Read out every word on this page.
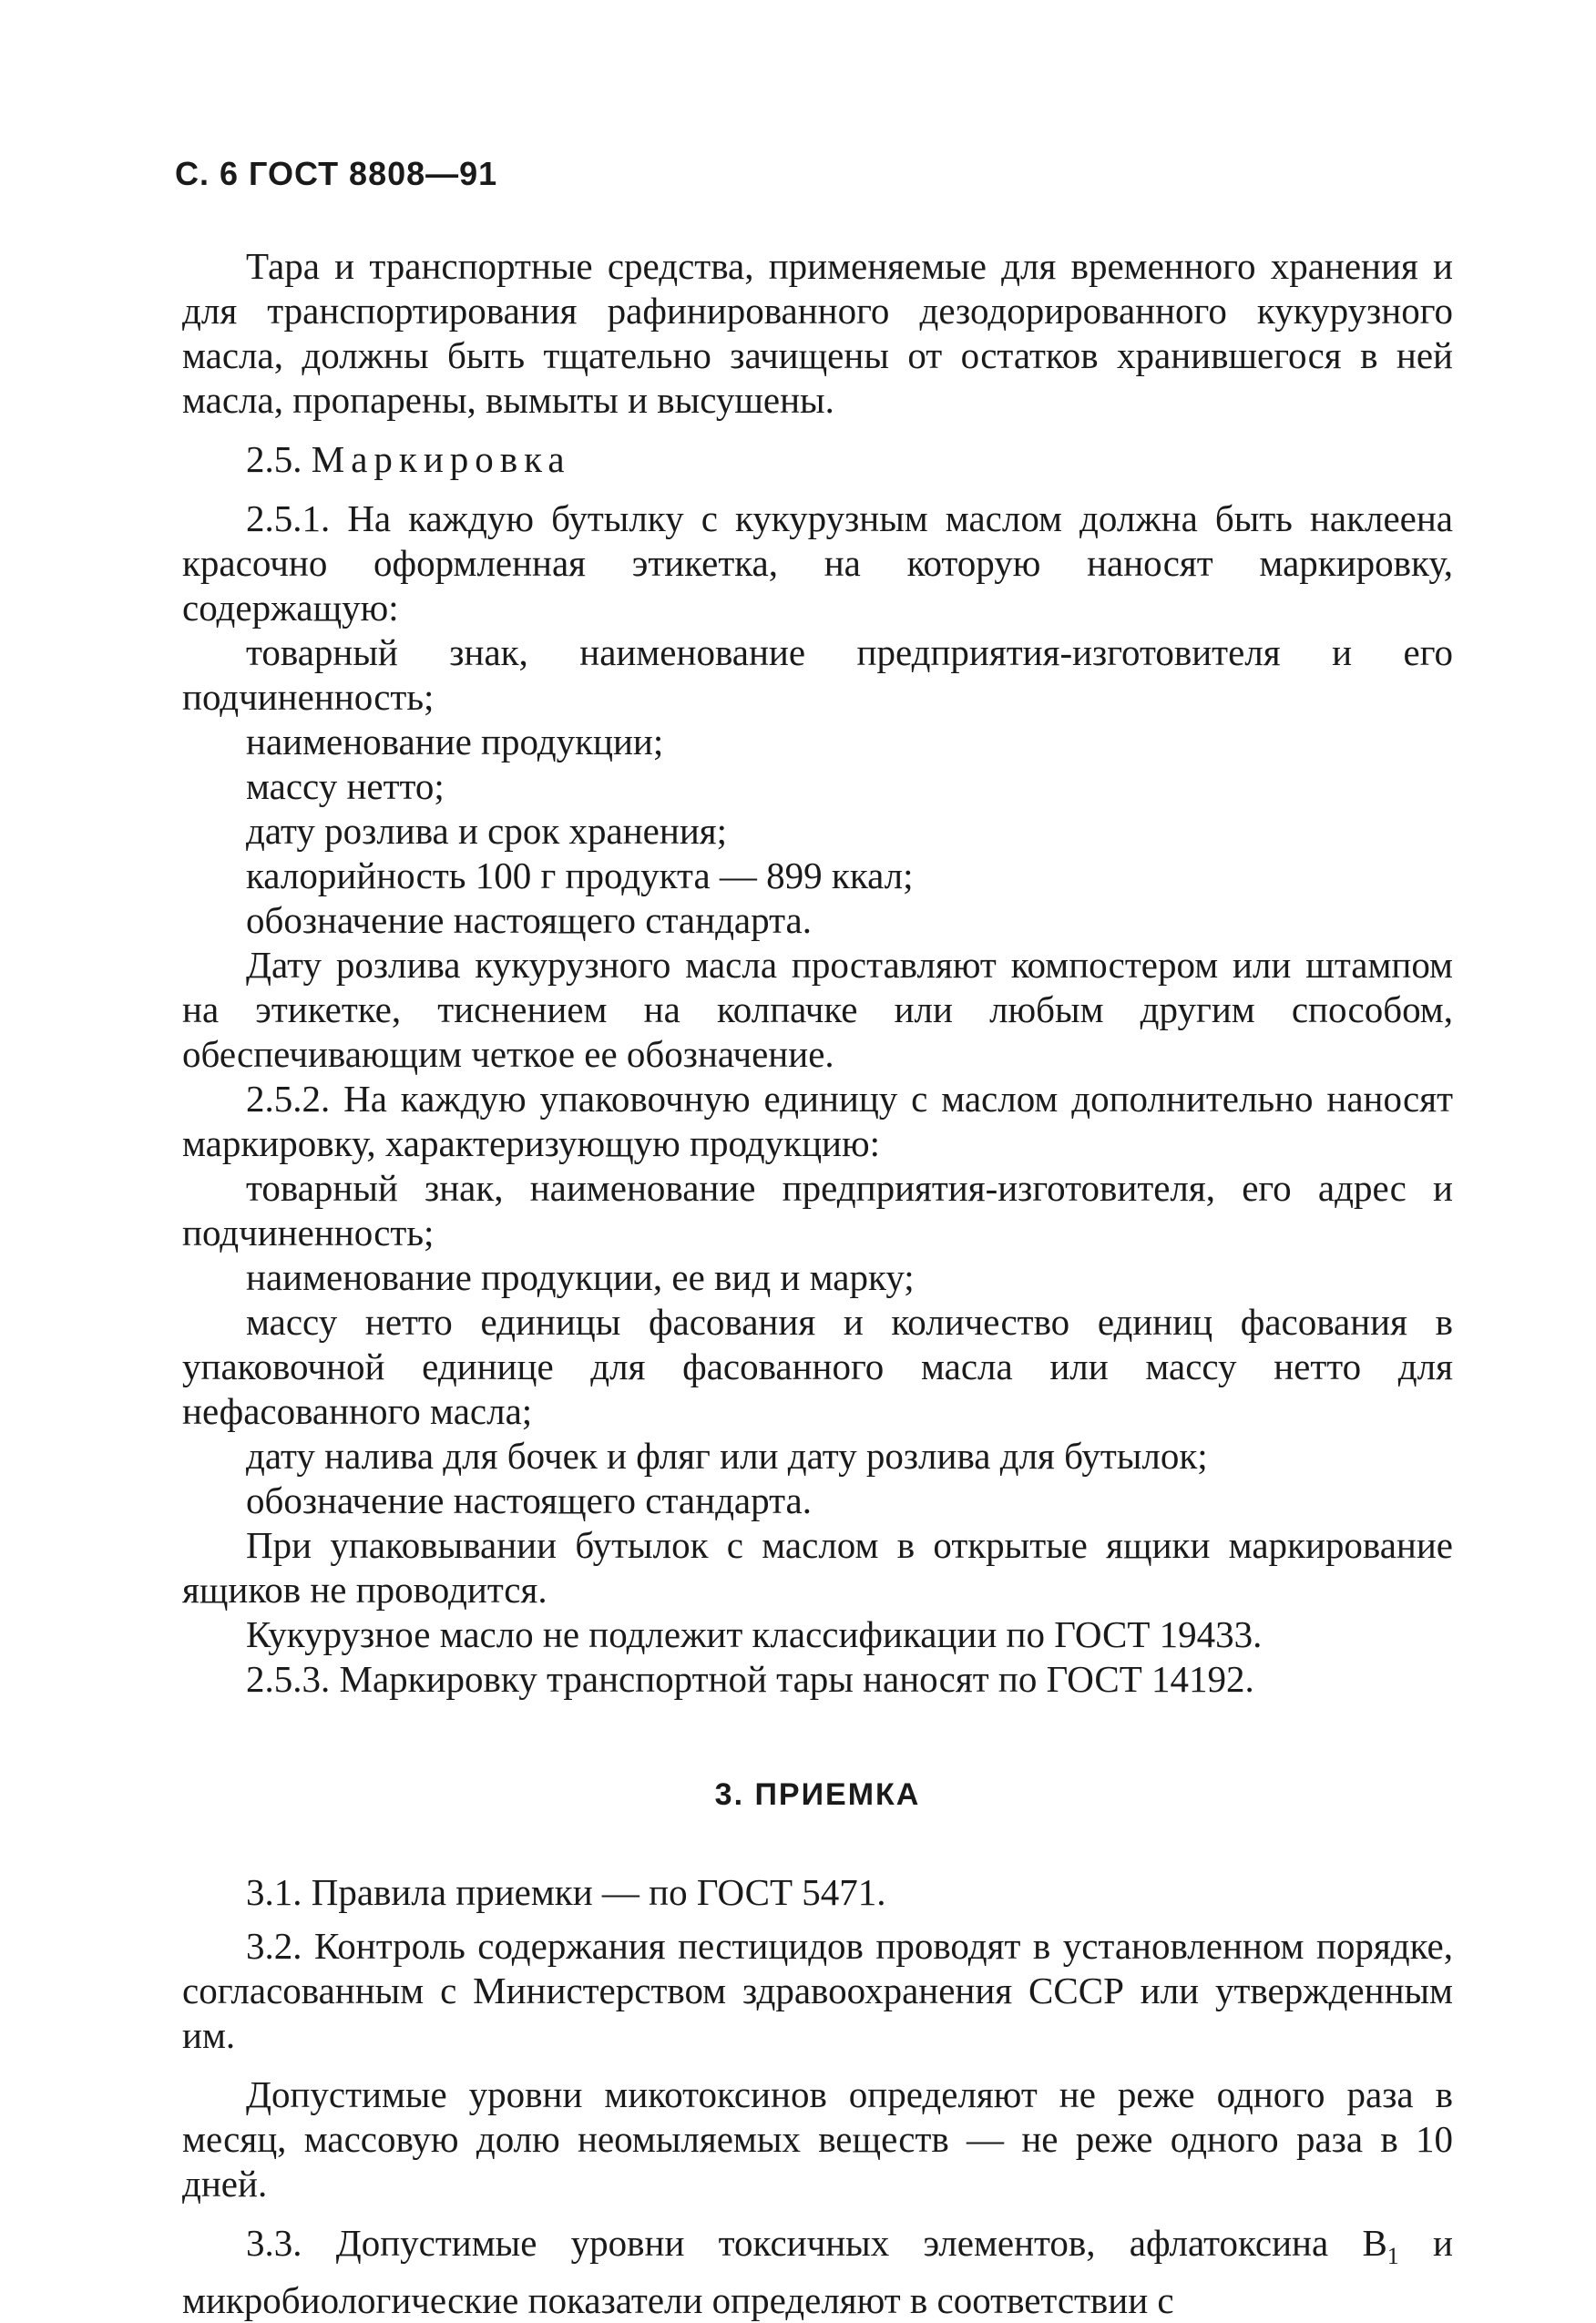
С. 6 ГОСТ 8808—91

Тара и транспортные средства, применяемые для временного хранения и для транспортирования рафинированного дезодорированного кукурузного масла, должны быть тщательно зачищены от остатков хранившегося в ней масла, пропарены, вымыты и высушены.

2.5. Маркировка

2.5.1. На каждую бутылку с кукурузным маслом должна быть наклеена красочно оформленная этикетка, на которую наносят маркировку, содержащую:

товарный знак, наименование предприятия-изготовителя и его подчиненность;

наименование продукции;

массу нетто;

дату розлива и срок хранения;

калорийность 100 г продукта — 899 ккал;

обозначение настоящего стандарта.

Дату розлива кукурузного масла проставляют компостером или штампом на этикетке, тиснением на колпачке или любым другим способом, обеспечивающим четкое ее обозначение.

2.5.2. На каждую упаковочную единицу с маслом дополнительно наносят маркировку, характеризующую продукцию:

товарный знак, наименование предприятия-изготовителя, его адрес и подчиненность;

наименование продукции, ее вид и марку;

массу нетто единицы фасования и количество единиц фасования в упаковочной единице для фасованного масла или массу нетто для нефасованного масла;

дату налива для бочек и фляг или дату розлива для бутылок;

обозначение настоящего стандарта.

При упаковывании бутылок с маслом в открытые ящики маркирование ящиков не проводится.

Кукурузное масло не подлежит классификации по ГОСТ 19433.

2.5.3. Маркировку транспортной тары наносят по ГОСТ 14192.

3. ПРИЕМКА

3.1. Правила приемки — по ГОСТ 5471.

3.2. Контроль содержания пестицидов проводят в установленном порядке, согласованным с Министерством здравоохранения СССР или утвержденным им.

Допустимые уровни микотоксинов определяют не реже одного раза в месяц, массовую долю неомыляемых веществ — не реже одного раза в 10 дней.

3.3. Допустимые уровни токсичных элементов, афлатоксина $B_1$ и микробиологические показатели определяют в соответствии с
